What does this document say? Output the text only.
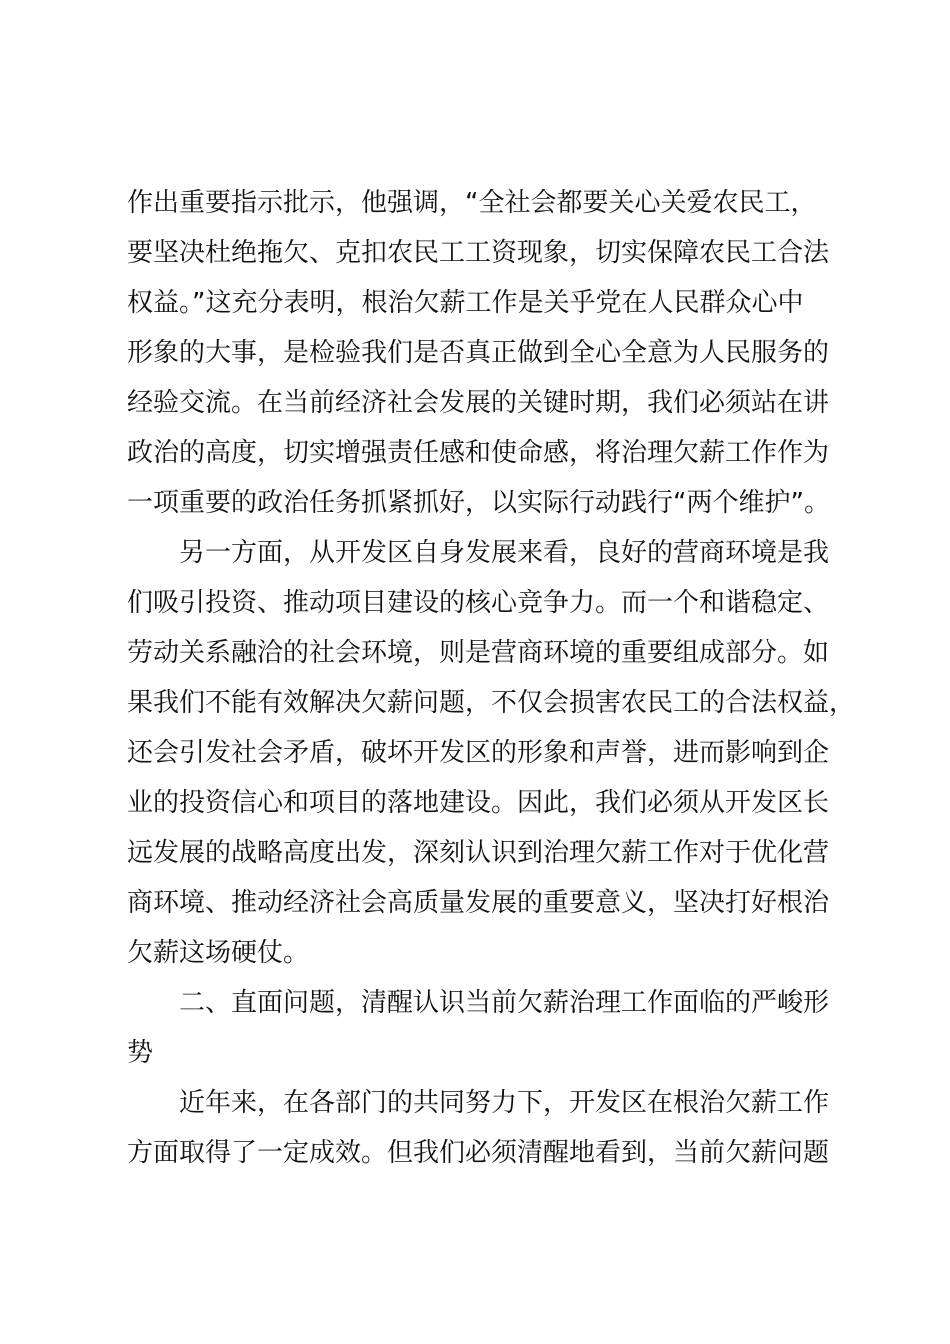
作出重要指示批示，他强调，“全社会都要关心关爱农民工，
要坚决杜绝拖欠、克扣农民工工资现象，切实保障农民工合法
权益。”这充分表明，根治欠薪工作是关乎党在人民群众心中
形象的大事，是检验我们是否真正做到全心全意为人民服务的
经验交流。在当前经济社会发展的关键时期，我们必须站在讲
政治的高度，切实增强责任感和使命感，将治理欠薪工作作为
一项重要的政治任务抓紧抓好，以实际行动践行“两个维护”。
另一方面，从开发区自身发展来看，良好的营商环境是我
们吸引投资、推动项目建设的核心竞争力。而一个和谐稳定、
劳动关系融洽的社会环境，则是营商环境的重要组成部分。如
果我们不能有效解决欠薪问题，不仅会损害农民工的合法权益，
还会引发社会矛盾，破坏开发区的形象和声誉，进而影响到企
业的投资信心和项目的落地建设。因此，我们必须从开发区长
远发展的战略高度出发，深刻认识到治理欠薪工作对于优化营
商环境、推动经济社会高质量发展的重要意义，坚决打好根治
欠薪这场硬仗。
二、直面问题，清醒认识当前欠薪治理工作面临的严峻形
势
近年来，在各部门的共同努力下，开发区在根治欠薪工作
方面取得了一定成效。但我们必须清醒地看到，当前欠薪问题
